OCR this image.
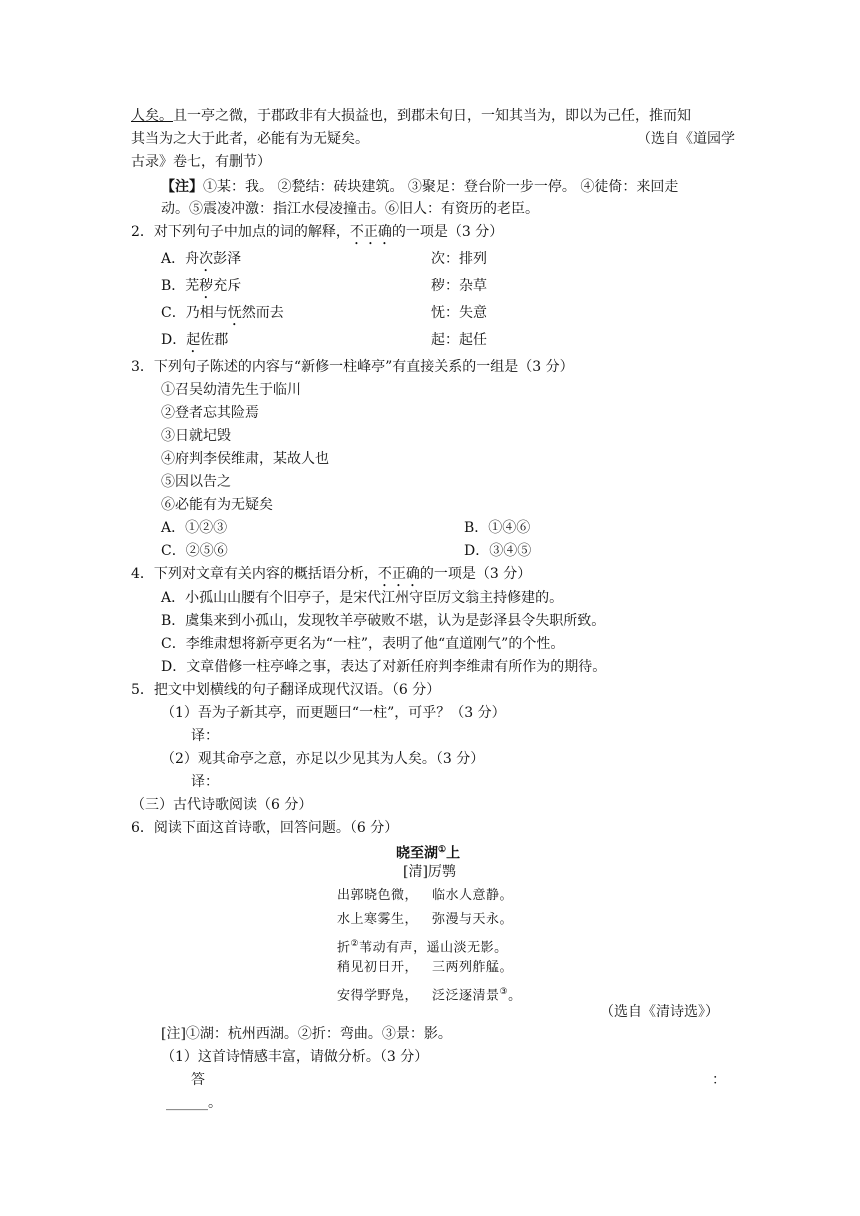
人矣。且一亭之微，于郡政非有大损益也，到郡未旬日，一知其当为，即以为己任，推而知
其当为之大于此者，必能有为无疑矣。	（选自《道园学
古录》卷七，有删节）
【注】①某：我。 ②甃结：砖块建筑。 ③聚足：登台阶一步一停。 ④徒倚：来回走
动。⑤震凌冲激：指江水侵凌撞击。⑥旧人：有资历的老臣。
2．对下列句子中加点的词的解释，不正确的一项是（3 分）
A．舟次彭泽	次：排列
B．芜秽充斥	秽：杂草
C．乃相与怃然而去	怃：失意
D．起佐郡	起：起任
3．下列句子陈述的内容与“新修一柱峰亭”有直接关系的一组是（3 分）
①召吴幼清先生于临川
②登者忘其险焉
③日就圮毁
④府判李侯维肃，某故人也
⑤因以告之
⑥必能有为无疑矣
A．①②③	B．①④⑥
C．②⑤⑥	D．③④⑤
4．下列对文章有关内容的概括语分析，不正确的一项是（3 分）
A．小孤山山腰有个旧亭子，是宋代江州守臣厉文翁主持修建的。
B．虞集来到小孤山，发现牧羊亭破败不堪，认为是彭泽县令失职所致。
C．李维肃想将新亭更名为“一柱”，表明了他“直道刚气”的个性。
D．文章借修一柱亭峰之事，表达了对新任府判李维肃有所作为的期待。
5．把文中划横线的句子翻译成现代汉语。（6 分）
（1）吾为子新其亭，而更题曰“一柱”，可乎？（3 分）
译：
（2）观其命亭之意，亦足以少见其为人矣。（3 分）
译：
（三）古代诗歌阅读（6 分）
6．阅读下面这首诗歌，回答问题。（6 分）
晓至湖①上
[清]厉鹗
出郭晓色微， 临水人意静。
水上寒雾生， 弥漫与天永。
折②苇动有声，遥山淡无影。
稍见初日开， 三两列舴艋。
安得学野凫， 泛泛逐清景③。
（选自《清诗选》）
[注]①湖：杭州西湖。②折：弯曲。③景：影。
（1）这首诗情感丰富，请做分析。（3 分）
答	：
______。
